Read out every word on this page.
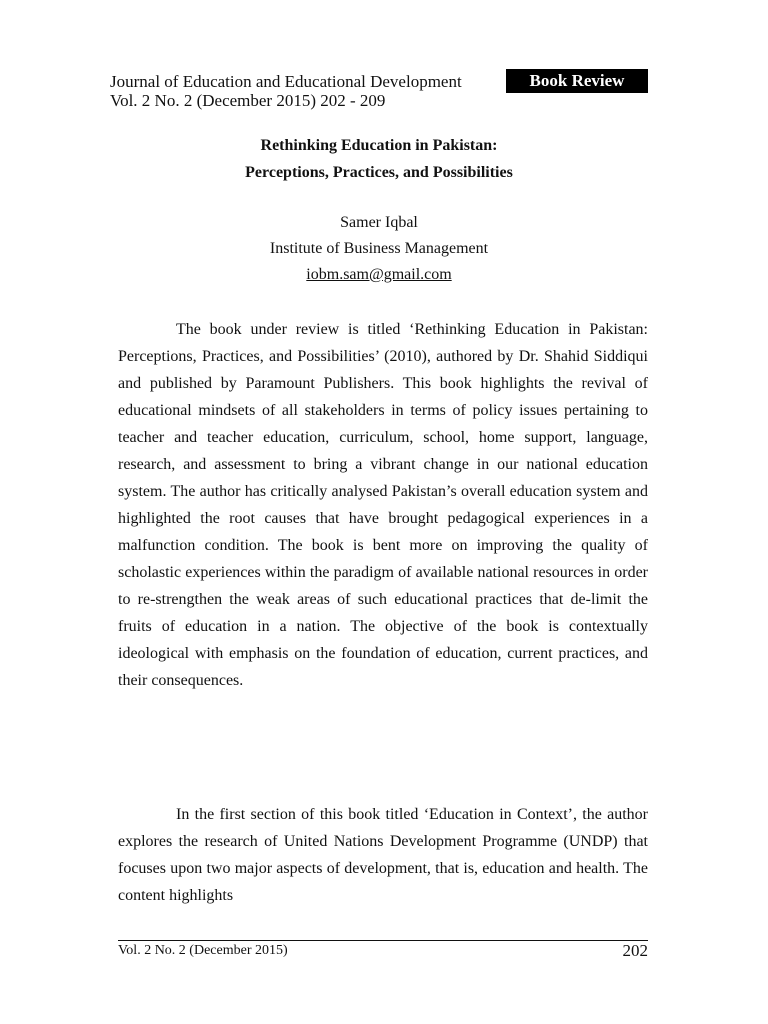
Journal of Education and Educational Development
Vol. 2 No. 2 (December 2015) 202 - 209
Book Review
Rethinking Education in Pakistan:
Perceptions, Practices, and Possibilities
Samer Iqbal
Institute of Business Management
iobm.sam@gmail.com

The book under review is titled ‘Rethinking Education in Pakistan: Perceptions, Practices, and Possibilities’ (2010), authored by Dr. Shahid Siddiqui and published by Paramount Publishers. This book highlights the revival of educational mindsets of all stakeholders in terms of policy issues pertaining to teacher and teacher education, curriculum, school, home support, language, research, and assessment to bring a vibrant change in our national education system. The author has critically analysed Pakistan’s overall education system and highlighted the root causes that have brought pedagogical experiences in a malfunction condition. The book is bent more on improving the quality of scholastic experiences within the paradigm of available national resources in order to re-strengthen the weak areas of such educational practices that de-limit the fruits of education in a nation. The objective of the book is contextually ideological with emphasis on the foundation of education, current practices, and their consequences.

In the first section of this book titled ‘Education in Context’, the author explores the research of United Nations Development Programme (UNDP) that focuses upon two major aspects of development, that is, education and health. The content highlights

Vol. 2 No. 2 (December 2015)	202
